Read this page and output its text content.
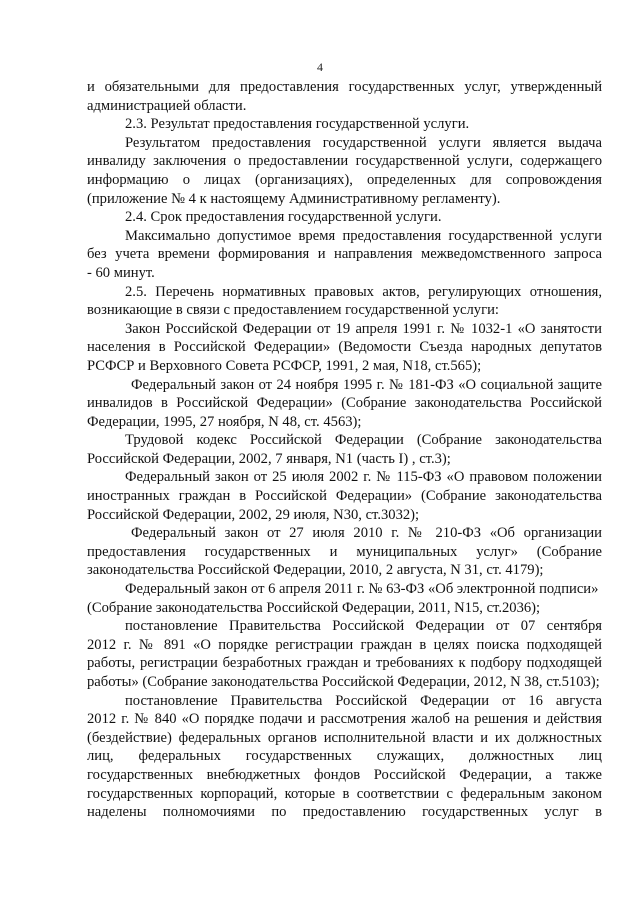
4
и обязательными для предоставления государственных услуг, утвержденный
администрацией области.
2.3. Результат предоставления государственной услуги.
Результатом предоставления государственной услуги является выдача
инвалиду заключения о предоставлении государственной услуги, содержащего
информацию о лицах (организациях), определенных для сопровождения
(приложение № 4 к настоящему Административному регламенту).
2.4. Срок предоставления государственной услуги.
Максимально допустимое время предоставления государственной услуги
без учета времени формирования и направления межведомственного запроса
- 60 минут.
2.5. Перечень нормативных правовых актов, регулирующих отношения,
возникающие в связи с предоставлением государственной услуги:
Закон Российской Федерации от 19 апреля 1991 г. № 1032-1 «О занятости
населения в Российской Федерации» (Ведомости Съезда народных депутатов
РСФСР и Верховного Совета РСФСР, 1991, 2 мая, N18, ст.565);
Федеральный закон от 24 ноября 1995 г. № 181-ФЗ «О социальной защите
инвалидов в Российской Федерации» (Собрание законодательства Российской
Федерации, 1995, 27 ноября, N 48, ст. 4563);
Трудовой кодекс Российской Федерации (Собрание законодательства
Российской Федерации, 2002, 7 января, N1 (часть I) , ст.3);
Федеральный закон от 25 июля 2002 г. № 115-ФЗ «О правовом положении
иностранных граждан в Российской Федерации» (Собрание законодательства
Российской Федерации, 2002, 29 июля, N30, ст.3032);
Федеральный закон от 27 июля 2010 г. № 210-ФЗ «Об организации
предоставления государственных и муниципальных услуг» (Собрание
законодательства Российской Федерации, 2010, 2 августа, N 31, ст. 4179);
Федеральный закон от 6 апреля 2011 г. № 63-ФЗ «Об электронной подписи»
(Собрание законодательства Российской Федерации, 2011, N15, ст.2036);
постановление Правительства Российской Федерации от 07 сентября
2012 г. № 891 «О порядке регистрации граждан в целях поиска подходящей
работы, регистрации безработных граждан и требованиях к подбору подходящей
работы» (Собрание законодательства Российской Федерации, 2012, N 38, ст.5103);
постановление Правительства Российской Федерации от 16 августа
2012 г. № 840 «О порядке подачи и рассмотрения жалоб на решения и действия
(бездействие) федеральных органов исполнительной власти и их должностных
лиц, федеральных государственных служащих, должностных лиц
государственных внебюджетных фондов Российской Федерации, а также
государственных корпораций, которые в соответствии с федеральным законом
наделены полномочиями по предоставлению государственных услуг в
